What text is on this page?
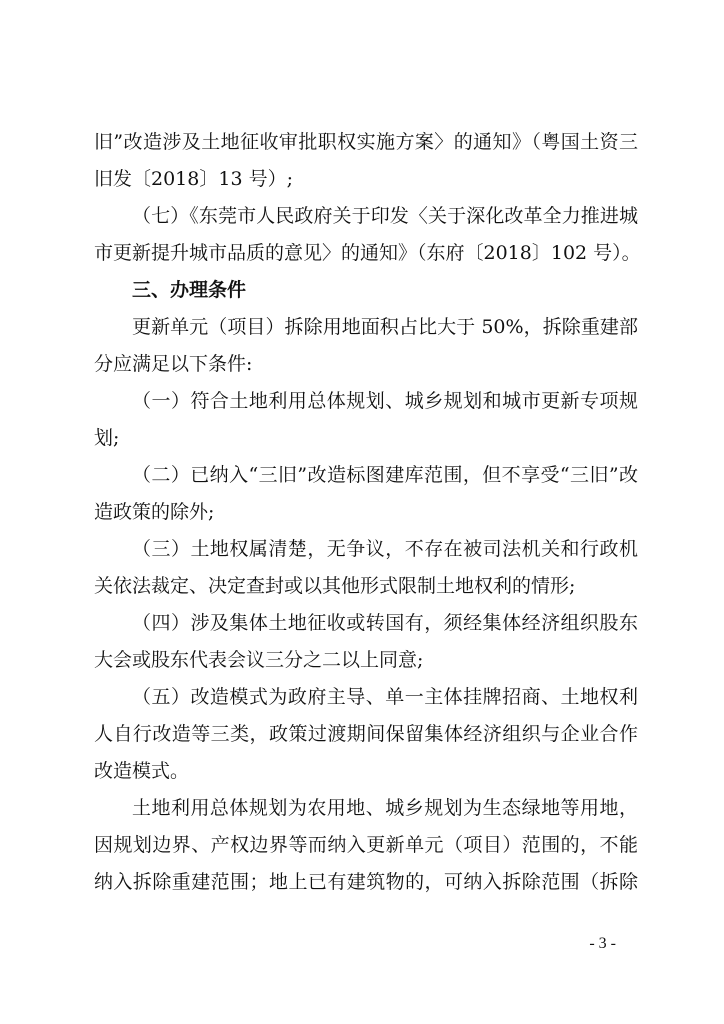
旧”改造涉及土地征收审批职权实施方案〉的通知》（粤国土资三
旧发〔2018〕13 号）;
（七）《东莞市人民政府关于印发〈关于深化改革全力推进城
市更新提升城市品质的意见〉的通知》（东府〔2018〕102 号）。
三、办理条件
更新单元（项目）拆除用地面积占比大于 50%，拆除重建部
分应满足以下条件:
（一）符合土地利用总体规划、城乡规划和城市更新专项规
划;
（二）已纳入“三旧”改造标图建库范围，但不享受“三旧”改
造政策的除外;
（三）土地权属清楚，无争议，不存在被司法机关和行政机
关依法裁定、决定查封或以其他形式限制土地权利的情形;
（四）涉及集体土地征收或转国有，须经集体经济组织股东
大会或股东代表会议三分之二以上同意;
（五）改造模式为政府主导、单一主体挂牌招商、土地权利
人自行改造等三类，政策过渡期间保留集体经济组织与企业合作
改造模式。
土地利用总体规划为农用地、城乡规划为生态绿地等用地，
因规划边界、产权边界等而纳入更新单元（项目）范围的，不能
纳入拆除重建范围；地上已有建筑物的，可纳入拆除范围（拆除
- 3 -
